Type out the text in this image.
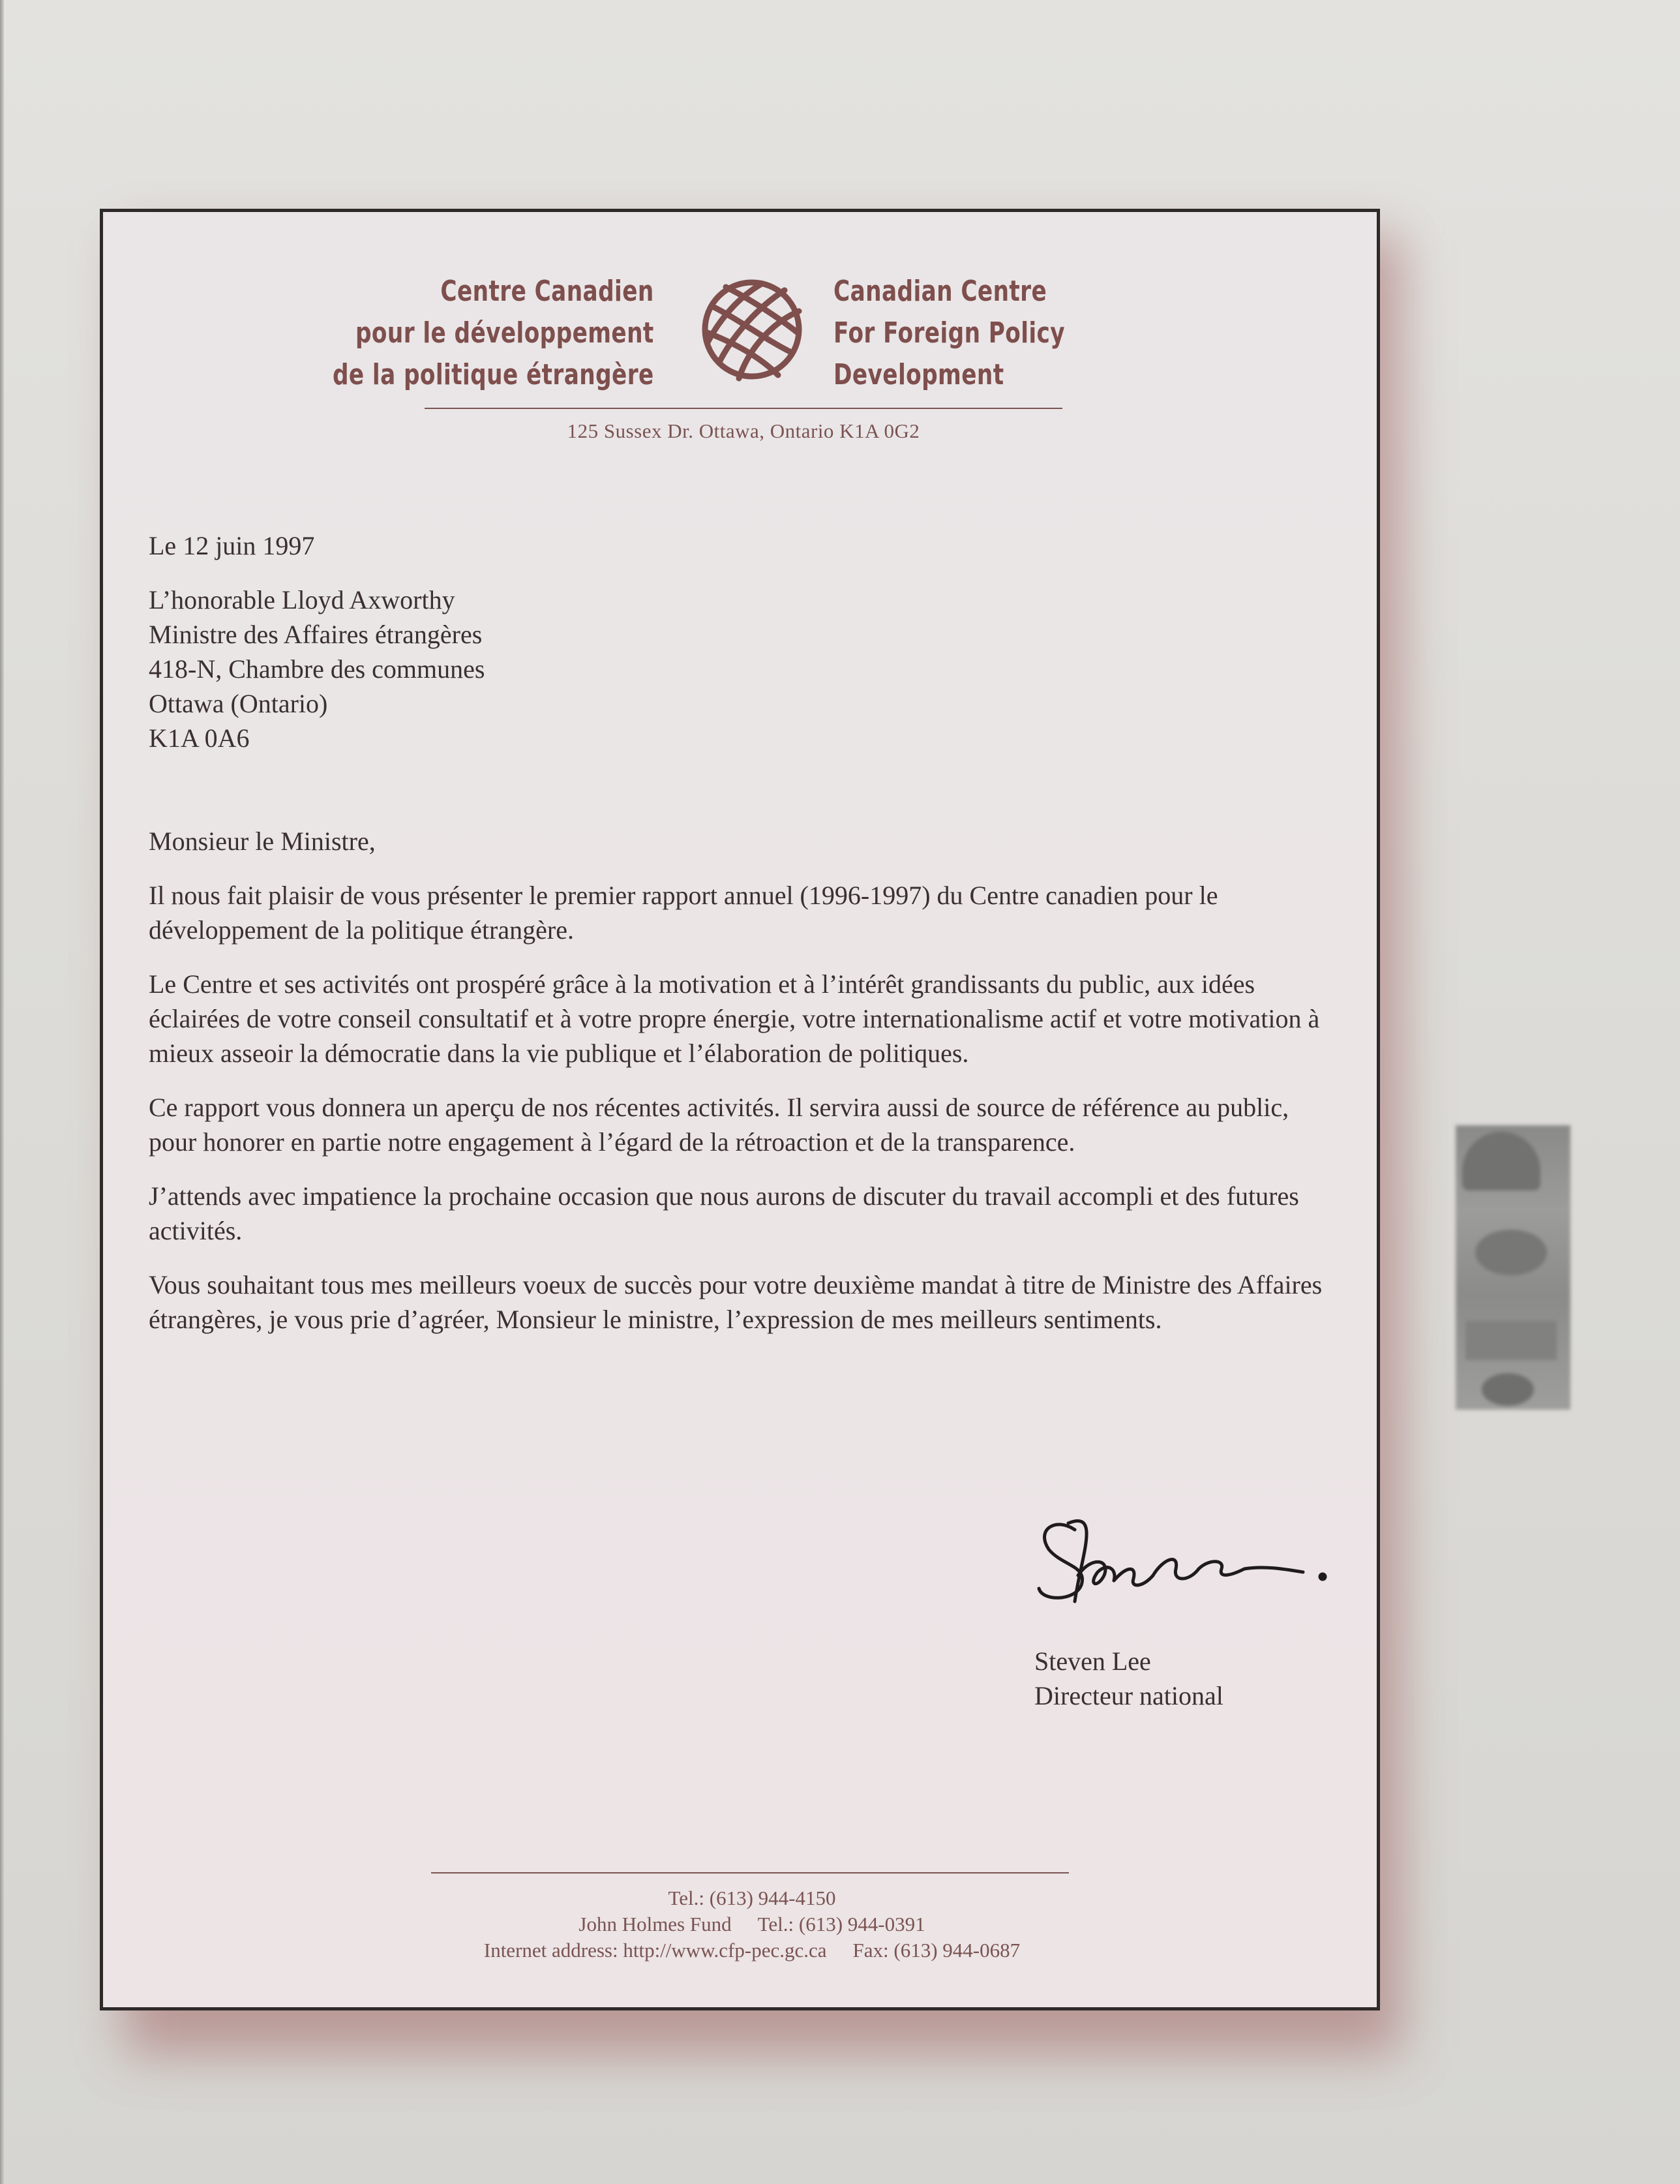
Centre Canadien
pour le développement
de la politique étrangère
Canadian Centre
For Foreign Policy
Development
125 Sussex Dr. Ottawa, Ontario K1A 0G2

Le 12 juin 1997

L’honorable Lloyd Axworthy
Ministre des Affaires étrangères
418-N, Chambre des communes
Ottawa (Ontario)
K1A 0A6

Monsieur le Ministre,

Il nous fait plaisir de vous présenter le premier rapport annuel (1996-1997) du Centre canadien pour le développement de la politique étrangère.

Le Centre et ses activités ont prospéré grâce à la motivation et à l’intérêt grandissants du public, aux idées éclairées de votre conseil consultatif et à votre propre énergie, votre internationalisme actif et votre motivation à mieux asseoir la démocratie dans la vie publique et l’élaboration de politiques.

Ce rapport vous donnera un aperçu de nos récentes activités. Il servira aussi de source de référence au public, pour honorer en partie notre engagement à l’égard de la rétroaction et de la transparence.

J’attends avec impatience la prochaine occasion que nous aurons de discuter du travail accompli et des futures activités.

Vous souhaitant tous mes meilleurs voeux de succès pour votre deuxième mandat à titre de Ministre des Affaires étrangères, je vous prie d’agréer, Monsieur le ministre, l’expression de mes meilleurs sentiments.

Steven Lee
Directeur national
Tel.: (613) 944-4150
John Holmes Fund Tel.: (613) 944-0391
Internet address: http://www.cfp-pec.gc.ca Fax: (613) 944-0687
